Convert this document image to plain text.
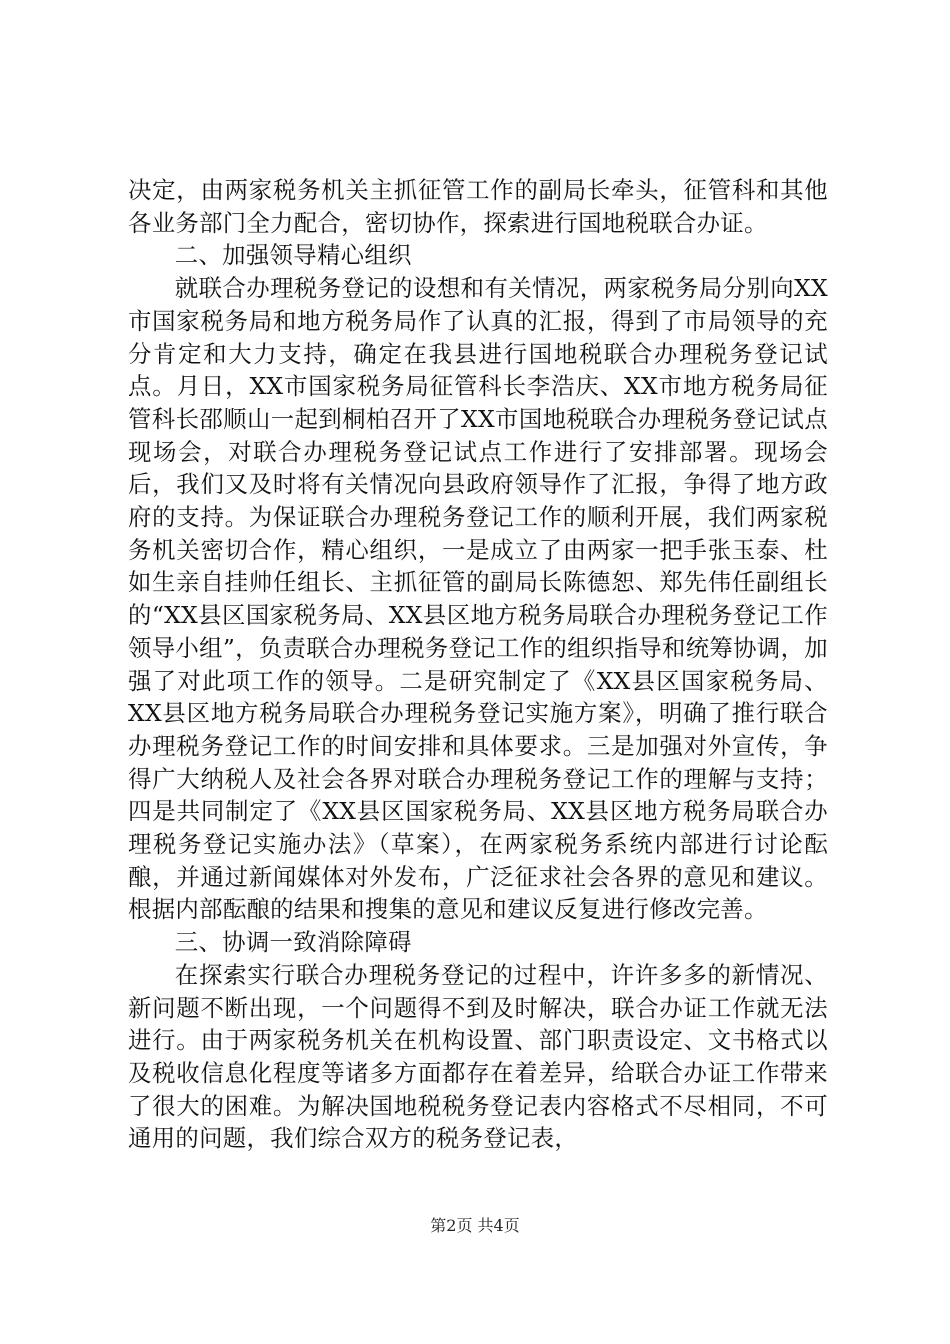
决定，由两家税务机关主抓征管工作的副局长牵头，征管科和其他各业务部门全力配合，密切协作，探索进行国地税联合办证。

二、加强领导精心组织

就联合办理税务登记的设想和有关情况，两家税务局分别向XX市国家税务局和地方税务局作了认真的汇报，得到了市局领导的充分肯定和大力支持，确定在我县进行国地税联合办理税务登记试点。月日，XX市国家税务局征管科长李浩庆、XX市地方税务局征管科长邵顺山一起到桐柏召开了XX市国地税联合办理税务登记试点现场会，对联合办理税务登记试点工作进行了安排部署。现场会后，我们又及时将有关情况向县政府领导作了汇报，争得了地方政府的支持。为保证联合办理税务登记工作的顺利开展，我们两家税务机关密切合作，精心组织，一是成立了由两家一把手张玉泰、杜如生亲自挂帅任组长、主抓征管的副局长陈德恕、郑先伟任副组长的“XX县区国家税务局、XX县区地方税务局联合办理税务登记工作领导小组”，负责联合办理税务登记工作的组织指导和统筹协调，加强了对此项工作的领导。二是研究制定了《XX县区国家税务局、XX县区地方税务局联合办理税务登记实施方案》，明确了推行联合办理税务登记工作的时间安排和具体要求。三是加强对外宣传，争得广大纳税人及社会各界对联合办理税务登记工作的理解与支持；四是共同制定了《XX县区国家税务局、XX县区地方税务局联合办理税务登记实施办法》（草案），在两家税务系统内部进行讨论酝酿，并通过新闻媒体对外发布，广泛征求社会各界的意见和建议。根据内部酝酿的结果和搜集的意见和建议反复进行修改完善。

三、协调一致消除障碍

在探索实行联合办理税务登记的过程中，许许多多的新情况、新问题不断出现，一个问题得不到及时解决，联合办证工作就无法进行。由于两家税务机关在机构设置、部门职责设定、文书格式以及税收信息化程度等诸多方面都存在着差异，给联合办证工作带来了很大的困难。为解决国地税税务登记表内容格式不尽相同，不可通用的问题，我们综合双方的税务登记表，

第2页 共4页
